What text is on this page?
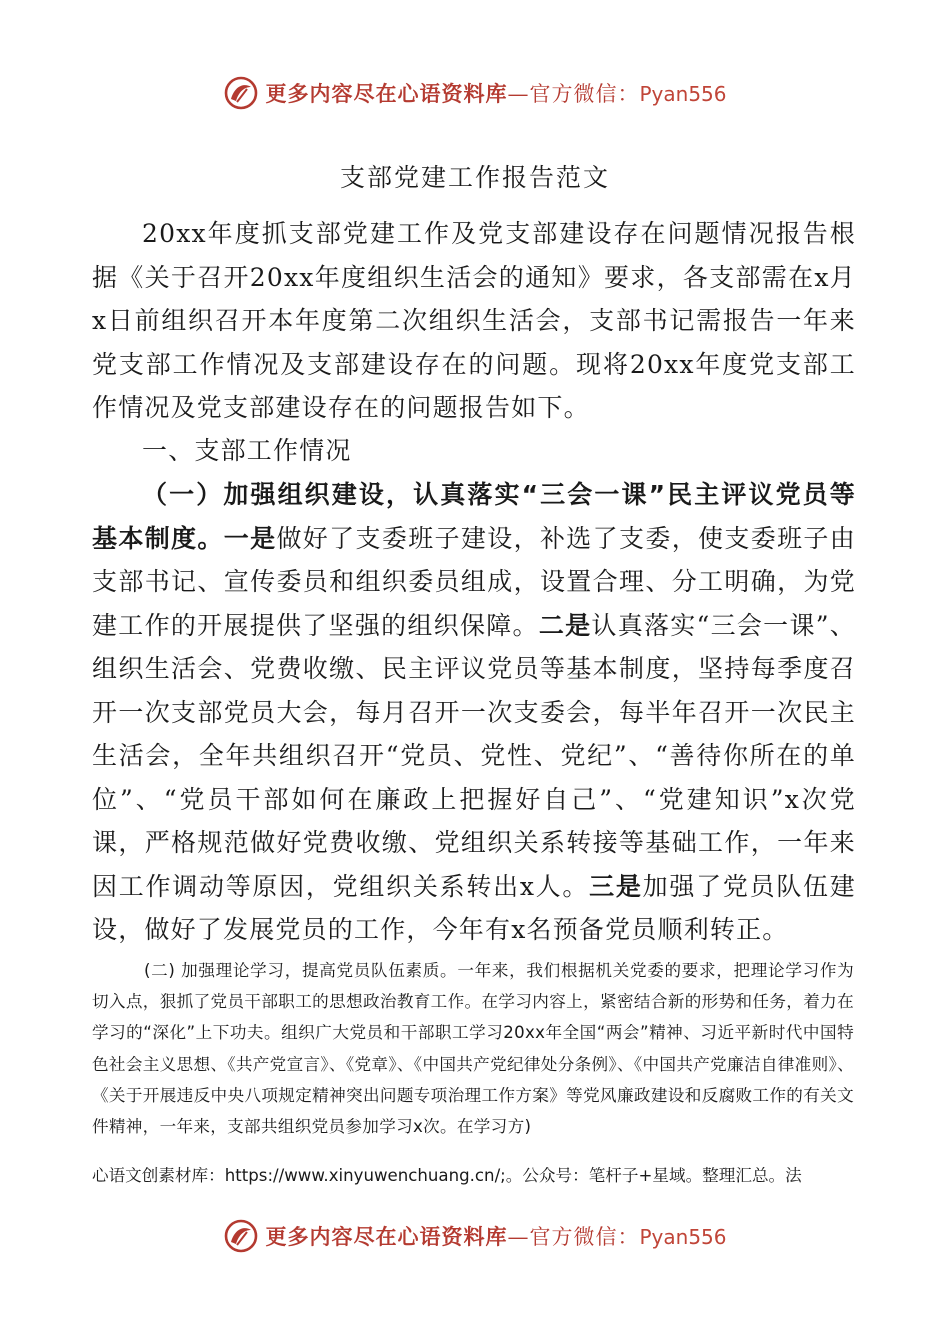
更多内容尽在心语资料库—官方微信：Pyan556
支部党建工作报告范文

20xx年度抓支部党建工作及党支部建设存在问题情况报告根据《关于召开20xx年度组织生活会的通知》要求，各支部需在x月x日前组织召开本年度第二次组织生活会，支部书记需报告一年来党支部工作情况及支部建设存在的问题。现将20xx年度党支部工作情况及党支部建设存在的问题报告如下。

一、支部工作情况

（一）加强组织建设，认真落实“三会一课”民主评议党员等基本制度。一是做好了支委班子建设，补选了支委，使支委班子由支部书记、宣传委员和组织委员组成，设置合理、分工明确，为党建工作的开展提供了坚强的组织保障。二是认真落实“三会一课”、组织生活会、党费收缴、民主评议党员等基本制度，坚持每季度召开一次支部党员大会，每月召开一次支委会，每半年召开一次民主生活会，全年共组织召开“党员、党性、党纪”、“善待你所在的单位”、“党员干部如何在廉政上把握好自己”、“党建知识”x次党课，严格规范做好党费收缴、党组织关系转接等基础工作，一年来因工作调动等原因，党组织关系转出x人。三是加强了党员队伍建设，做好了发展党员的工作，今年有x名预备党员顺利转正。

(二) 加强理论学习，提高党员队伍素质。一年来，我们根据机关党委的要求，把理论学习作为切入点，狠抓了党员干部职工的思想政治教育工作。在学习内容上，紧密结合新的形势和任务，着力在学习的“深化”上下功夫。组织广大党员和干部职工学习20xx年全国“两会”精神、习近平新时代中国特色社会主义思想、《共产党宣言》、《党章》、《中国共产党纪律处分条例》、《中国共产党廉洁自律准则》、《关于开展违反中央八项规定精神突出问题专项治理工作方案》等党风廉政建设和反腐败工作的有关文件精神，一年来，支部共组织党员参加学习x次。在学习方)

心语文创素材库：https://www.xinyuwenchuang.cn/;。公众号：笔杆子+星域。整理汇总。法
更多内容尽在心语资料库—官方微信：Pyan556
